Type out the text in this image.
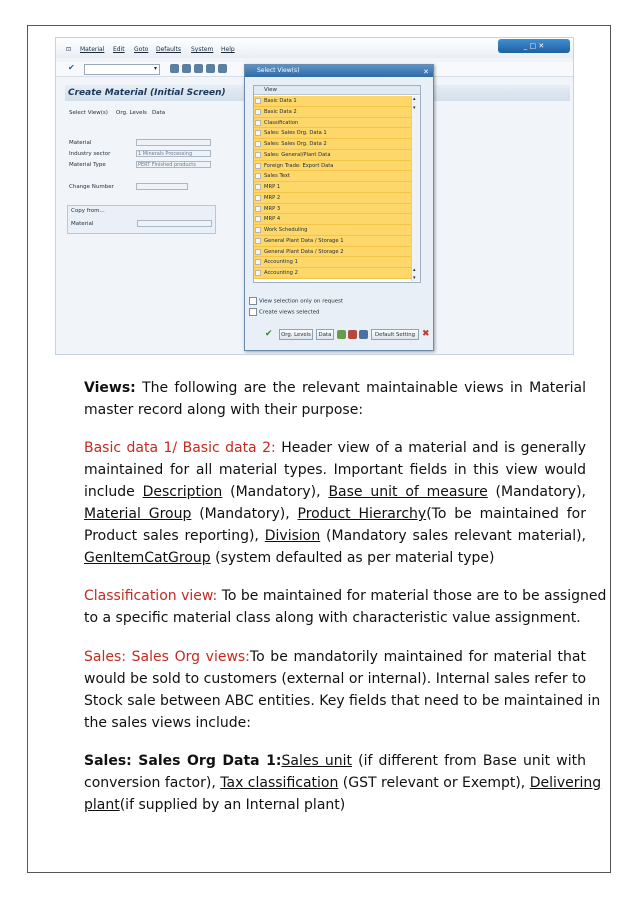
⊡ Material Edit Goto Defaults System Help	_ □ ✕
✔	▾
Create Material (Initial Screen)
Select View(s) Org. Levels Data
Material
Industry sector	1 Minerals Processing
Material Type	PERT Finished products
Change Number
Copy from...
Material
Select View(s)	✕
View
Basic Data 1
Basic Data 2
Classification
Sales: Sales Org. Data 1
Sales: Sales Org. Data 2
Sales: General/Plant Data
Foreign Trade: Export Data
Sales Text
MRP 1
MRP 2
MRP 3
MRP 4
Work Scheduling
General Plant Data / Storage 1
General Plant Data / Storage 2
Accounting 1
Accounting 2
▴
▾
▴
▾
View selection only on request
Create views selected
✔	Org. Levels	Data	Default Setting ✖
Views: The following are the relevant maintainable views in Material
master record along with their purpose:
Basic data 1/ Basic data 2: Header view of a material and is generally
maintained for all material types. Important fields in this view would
include Description (Mandatory), Base unit of measure (Mandatory),
Material Group (Mandatory), Product Hierarchy(To be maintained for
Product sales reporting), Division (Mandatory sales relevant material),
GenItemCatGroup (system defaulted as per material type)
Classification view: To be maintained for material those are to be assigned
to a specific material class along with characteristic value assignment.
Sales: Sales Org views:To be mandatorily maintained for material that
would be sold to customers (external or internal). Internal sales refer to
Stock sale between ABC entities. Key fields that need to be maintained in
the sales views include:
Sales: Sales Org Data 1:Sales unit (if different from Base unit with
conversion factor), Tax classification (GST relevant or Exempt), Delivering
plant(if supplied by an Internal plant)
